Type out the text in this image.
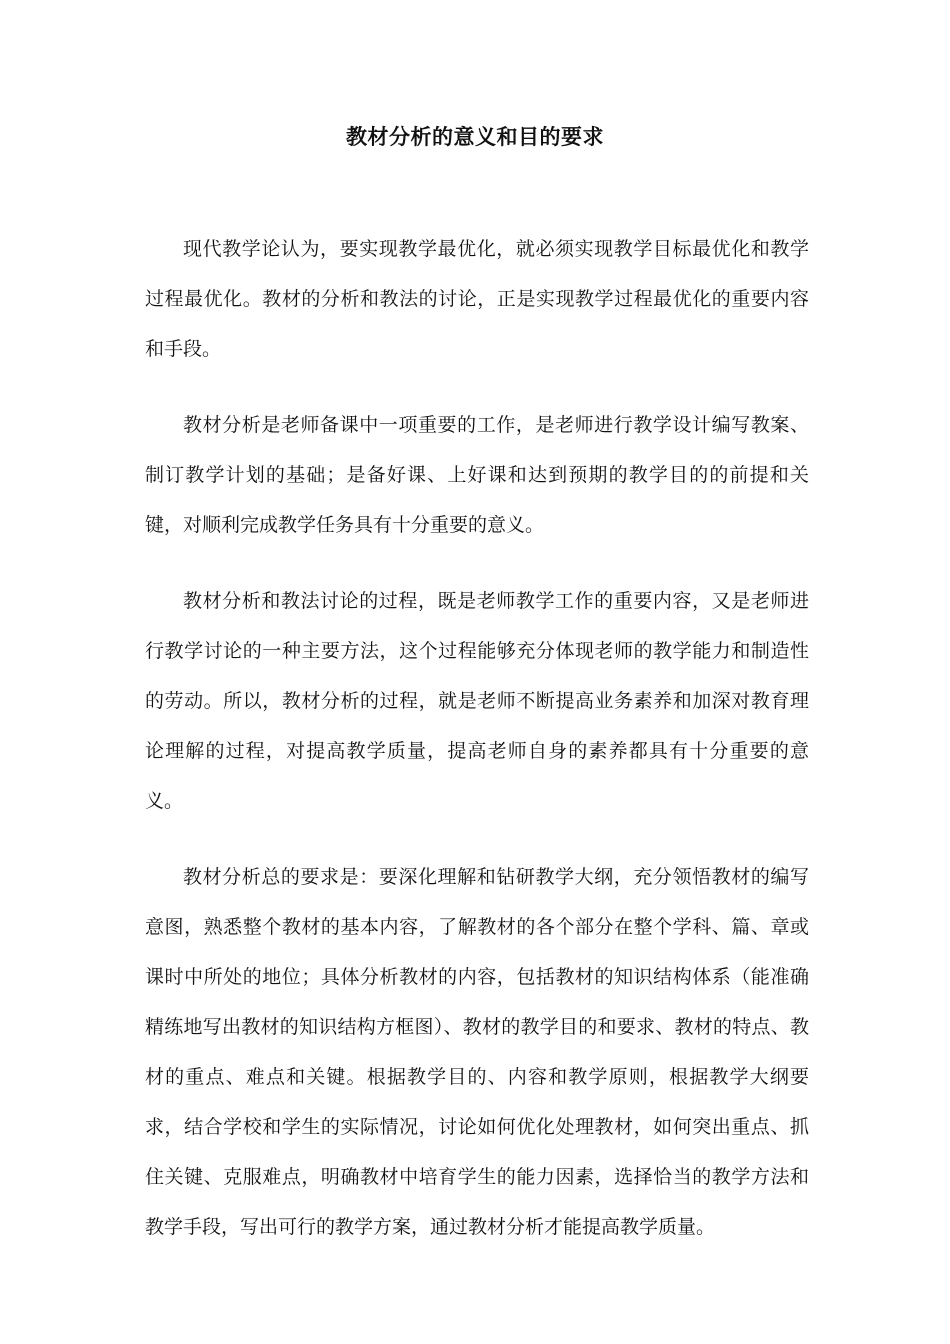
教材分析的意义和目的要求

现代教学论认为，要实现教学最优化，就必须实现教学目标最优化和教学过程最优化。教材的分析和教法的讨论，正是实现教学过程最优化的重要内容和手段。

教材分析是老师备课中一项重要的工作，是老师进行教学设计编写教案、制订教学计划的基础；是备好课、上好课和达到预期的教学目的的前提和关键，对顺利完成教学任务具有十分重要的意义。

教材分析和教法讨论的过程，既是老师教学工作的重要内容，又是老师进行教学讨论的一种主要方法，这个过程能够充分体现老师的教学能力和制造性的劳动。所以，教材分析的过程，就是老师不断提高业务素养和加深对教育理论理解的过程，对提高教学质量，提高老师自身的素养都具有十分重要的意义。

教材分析总的要求是：要深化理解和钻研教学大纲，充分领悟教材的编写意图，熟悉整个教材的基本内容，了解教材的各个部分在整个学科、篇、章或课时中所处的地位；具体分析教材的内容，包括教材的知识结构体系（能准确精练地写出教材的知识结构方框图）、教材的教学目的和要求、教材的特点、教材的重点、难点和关键。根据教学目的、内容和教学原则，根据教学大纲要求，结合学校和学生的实际情况，讨论如何优化处理教材，如何突出重点、抓住关键、克服难点，明确教材中培育学生的能力因素，选择恰当的教学方法和教学手段，写出可行的教学方案，通过教材分析才能提高教学质量。
